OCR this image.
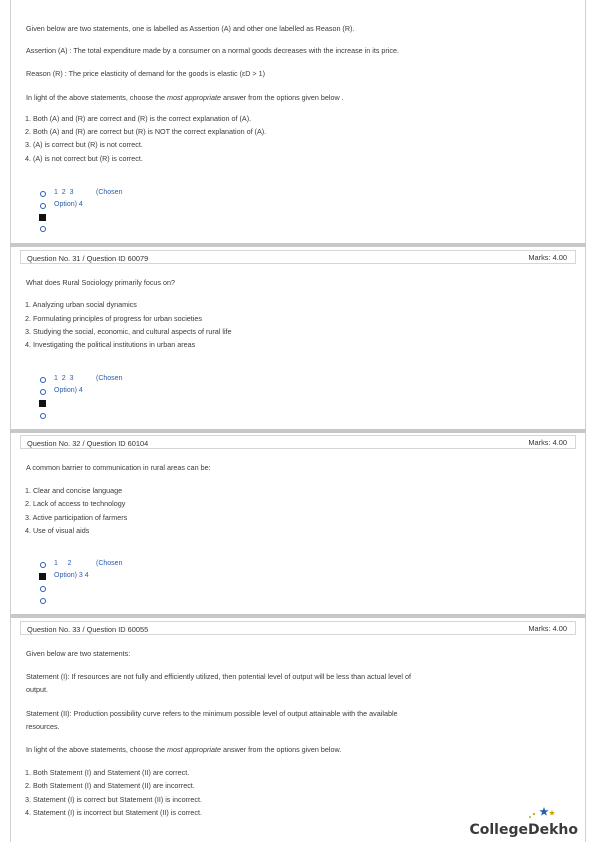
Given below are two statements, one is labelled as Assertion (A) and other one labelled as Reason (R).
Assertion (A) : The total expenditure made by a consumer on a normal goods decreases with the increase in its price.
Reason (R) : The price elasticity of demand for the goods is elastic (εD > 1)
In light of the above statements, choose the most appropriate answer from the options given below .
1. Both (A) and (R) are correct and (R) is the correct explanation of (A).
2. Both (A) and (R) are correct but (R) is NOT the correct explanation of (A).
3. (A) is correct but (R) is not correct.
4. (A) is not correct but (R) is correct.
1  2  3	(Chosen
Option) 4
Question No. 31 / Question ID 60079	Marks: 4.00
What does Rural Sociology primarily focus on?
1. Analyzing urban social dynamics
2. Formulating principles of progress for urban societies
3. Studying the social, economic, and cultural aspects of rural life
4. Investigating the political institutions in urban areas
1  2  3	(Chosen
Option) 4
Question No. 32 / Question ID 60104	Marks: 4.00
A common barrier to communication in rural areas can be:
1. Clear and concise language
2. Lack of access to technology
3. Active participation of farmers
4. Use of visual aids
1     2	(Chosen
Option) 3 4
Question No. 33 / Question ID 60055	Marks: 4.00
Given below are two statements:
Statement (I): If resources are not fully and efficiently utilized, then potential level of output will be less than actual level of
output.
Statement (II): Production possibility curve refers to the minimum possible level of output attainable with the available
resources.
In light of the above statements, choose the most appropriate answer from the options given below.
1. Both Statement (I) and Statement (II) are correct.
2. Both Statement (I) and Statement (II) are incorrect.
3. Statement (I) is correct but Statement (II) is incorrect.
4. Statement (I) is incorrect but Statement (II) is correct.
CollegeDekho
